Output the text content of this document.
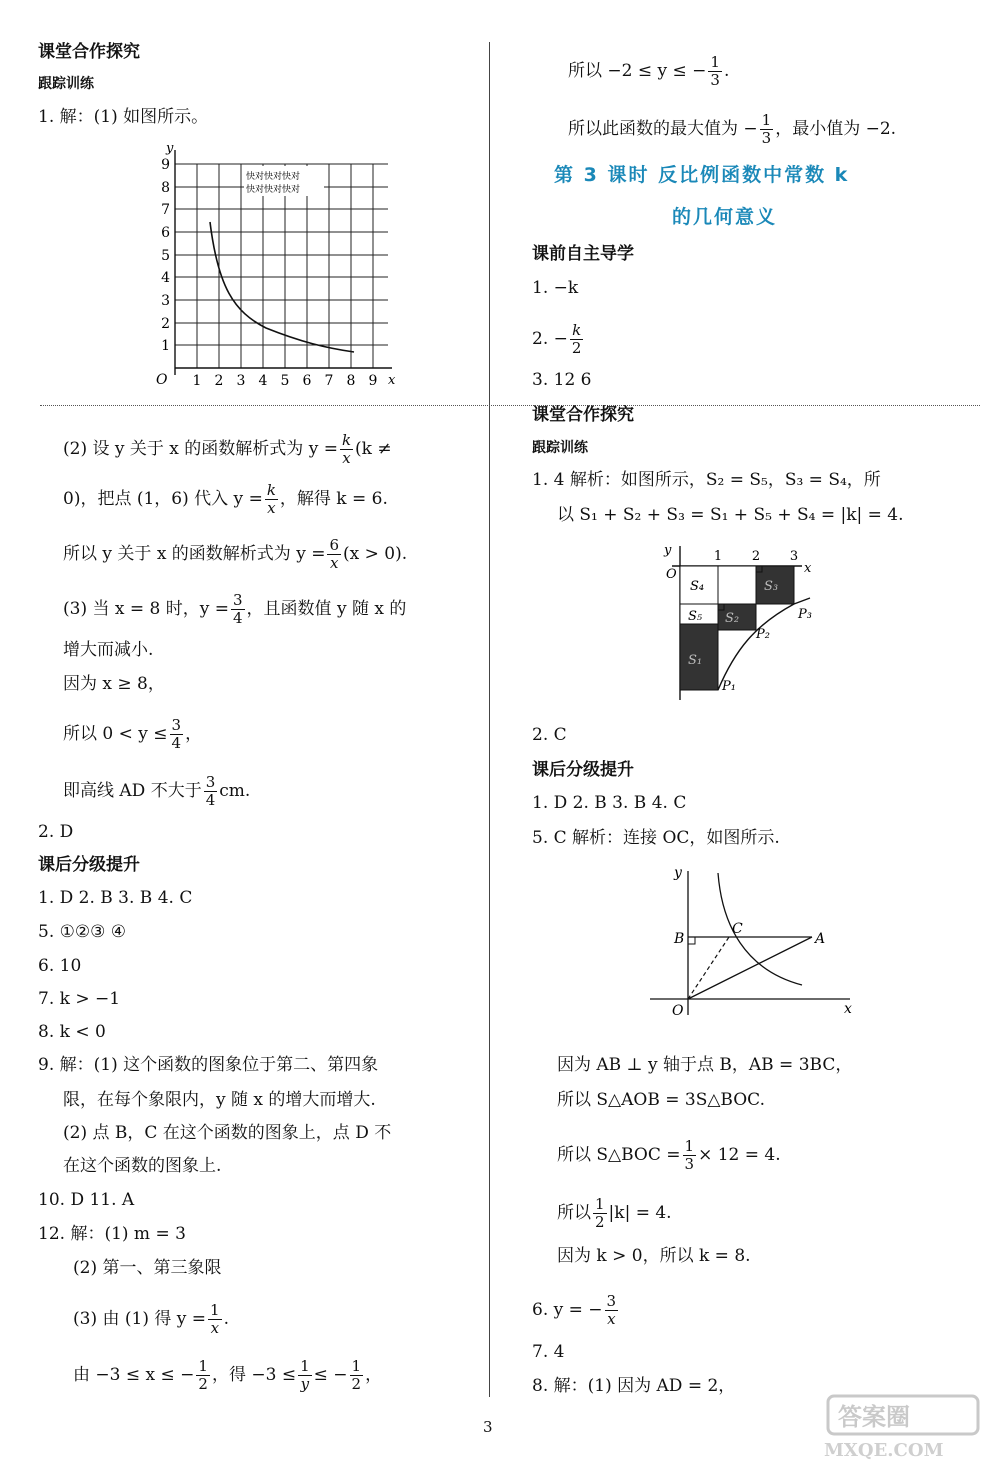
课堂合作探究
跟踪训练
1. 解：(1) 如图所示。
快对快对快对
快对快对快对
1
2
3
4
5
6
7
8
9
1 2 3 4 5 6 7 8 9
O	x
y
(2) 设 y 关于 x 的函数解析式为 $y = \frac{k}{x} (k$ ≠
0)，把点 (1，6) 代入 $y = \frac{k}{x}$ ，解得 k = 6.
所以 y 关于 x 的函数解析式为 $y = \frac{6}{x} (x > 0)$.
(3) 当 x = 8 时，$y = \frac{3}{4}$ ，且函数值 y 随 x 的
增大而减小.
因为 x ≥ 8，
所以 $0 < y \le \frac{3}{4}$ ，
即高线 AD 不大于 $\frac{3}{4}$ cm.
2. D
课后分级提升
1. D 2. B 3. B 4. C
5. ①②③ ④
6. 10
7. k > −1
8. k < 0
9. 解：(1) 这个函数的图象位于第二、第四象
限，在每个象限内，y 随 x 的增大而增大.
(2) 点 B，C 在这个函数的图象上，点 D 不
在这个函数的图象上.
10. D 11. A
12. 解：(1) m = 3
(2) 第一、第三象限
(3) 由 (1) 得 $y = \frac{1}{x}$ .
由 −3 ≤ x ≤ − $\frac{1}{2}$ ，得 $-3 \le \frac{1}{y}$ ≤ − $\frac{1}{2}$ ，
所以 −2 ≤ y ≤ − $\frac{1}{3}$ .
所以此函数的最大值为 − $\frac{1}{3}$ ，最小值为 −2.
第 3 课时 反比例函数中常数 k
的几何意义
课前自主导学
1. −k
2. − $\frac{k}{2}$
3. 12 6
课堂合作探究
跟踪训练
1. 4 解析：如图所示，S₂ = S₅，S₃ = S₄，所
以 S₁ + S₂ + S₃ = S₁ + S₅ + S₄ = |k| = 4.
y
O	x
S₄
S₅
S₁
S₂
S₃
P₁
P₂
P₃
1 2 3
2. C
课后分级提升
1. D 2. B 3. B 4. C
5. C 解析：连接 OC，如图所示.
y
x
O
B
C
A
因为 AB ⊥ y 轴于点 B，AB = 3BC，
所以 S△AOB = 3S△BOC.
所以 S△BOC = $\frac{1}{3} \times 12 = 4$.
所以 $\frac{1}{2} |k| = 4$.
因为 k > 0，所以 k = 8.
6. y = − $\frac{3}{x}$
7. 4
8. 解：(1) 因为 AD = 2，
3	答案圈
MXQE.COM
